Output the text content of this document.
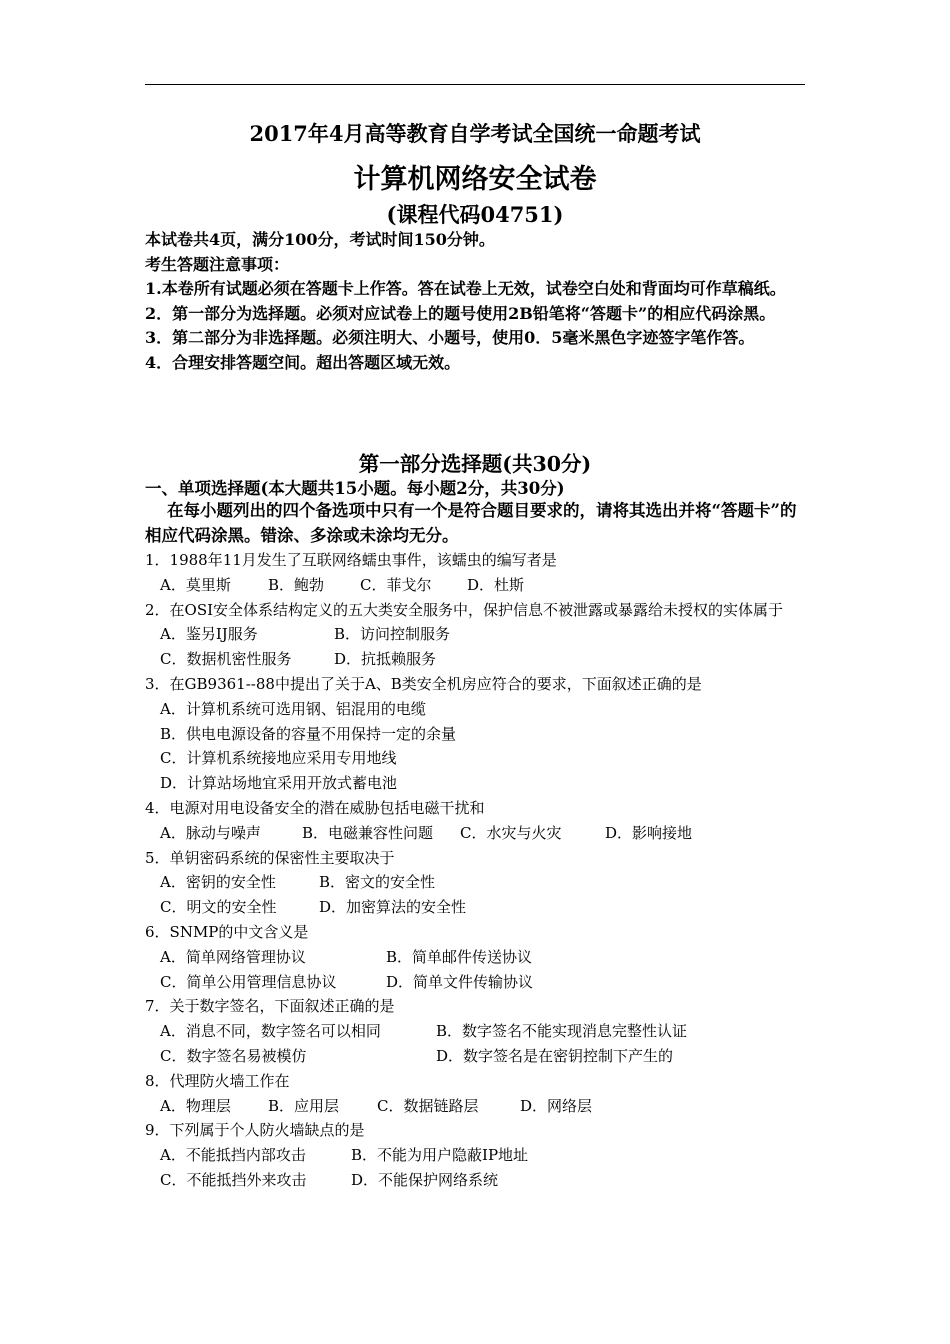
2017年4月高等教育自学考试全国统一命题考试
计算机网络安全试卷
(课程代码04751)

本试卷共4页，满分100分，考试时间150分钟。

考生答题注意事项：

1.本卷所有试题必须在答题卡上作答。答在试卷上无效，试卷空白处和背面均可作草稿纸。

2．第一部分为选择题。必须对应试卷上的题号使用2B铅笔将“答题卡”的相应代码涂黑。

3．第二部分为非选择题。必须注明大、小题号，使用0．5毫米黑色字迹签字笔作答。

4．合理安排答题空间。超出答题区域无效。

第一部分选择题(共30分)
一、单项选择题(本大题共15小题。每小题2分，共30分)
在每小题列出的四个备选项中只有一个是符合题目要求的，请将其选出并将“答题卡”的相应代码涂黑。错涂、多涂或未涂均无分。

1．1988年11月发生了互联网络蠕虫事件，该蠕虫的编写者是

A．莫里斯 B．鲍勃 C．菲戈尔 D．杜斯

2．在OSI安全体系结构定义的五大类安全服务中，保护信息不被泄露或暴露给未授权的实体属于

A．鉴另IJ服务	B．访问控制服务
C．数据机密性服务	D．抗抵赖服务

3．在GB9361--88中提出了关于A、B类安全机房应符合的要求，下面叙述正确的是

A．计算机系统可选用钢、铝混用的电缆
B．供电电源设备的容量不用保持一定的余量
C．计算机系统接地应采用专用地线
D．计算站场地宜采用开放式蓄电池

4．电源对用电设备安全的潜在威胁包括电磁干扰和

A．脉动与噪声	B．电磁兼容性问题 C．水灾与火灾	D．影响接地

5．单钥密码系统的保密性主要取决于

A．密钥的安全性	B．密文的安全性
C．明文的安全性	D．加密算法的安全性

6．SNMP的中文含义是

A．简单网络管理协议	B．简单邮件传送协议
C．简单公用管理信息协议	D．简单文件传输协议

7．关于数字签名，下面叙述正确的是

A．消息不同，数字签名可以相同	B．数字签名不能实现消息完整性认证
C．数字签名易被模仿	D．数字签名是在密钥控制下产生的

8．代理防火墙工作在

A．物理层 B．应用层	C．数据链路层	D．网络层

9．下列属于个人防火墙缺点的是

A．不能抵挡内部攻击	B．不能为用户隐蔽IP地址
C．不能抵挡外来攻击	D．不能保护网络系统
